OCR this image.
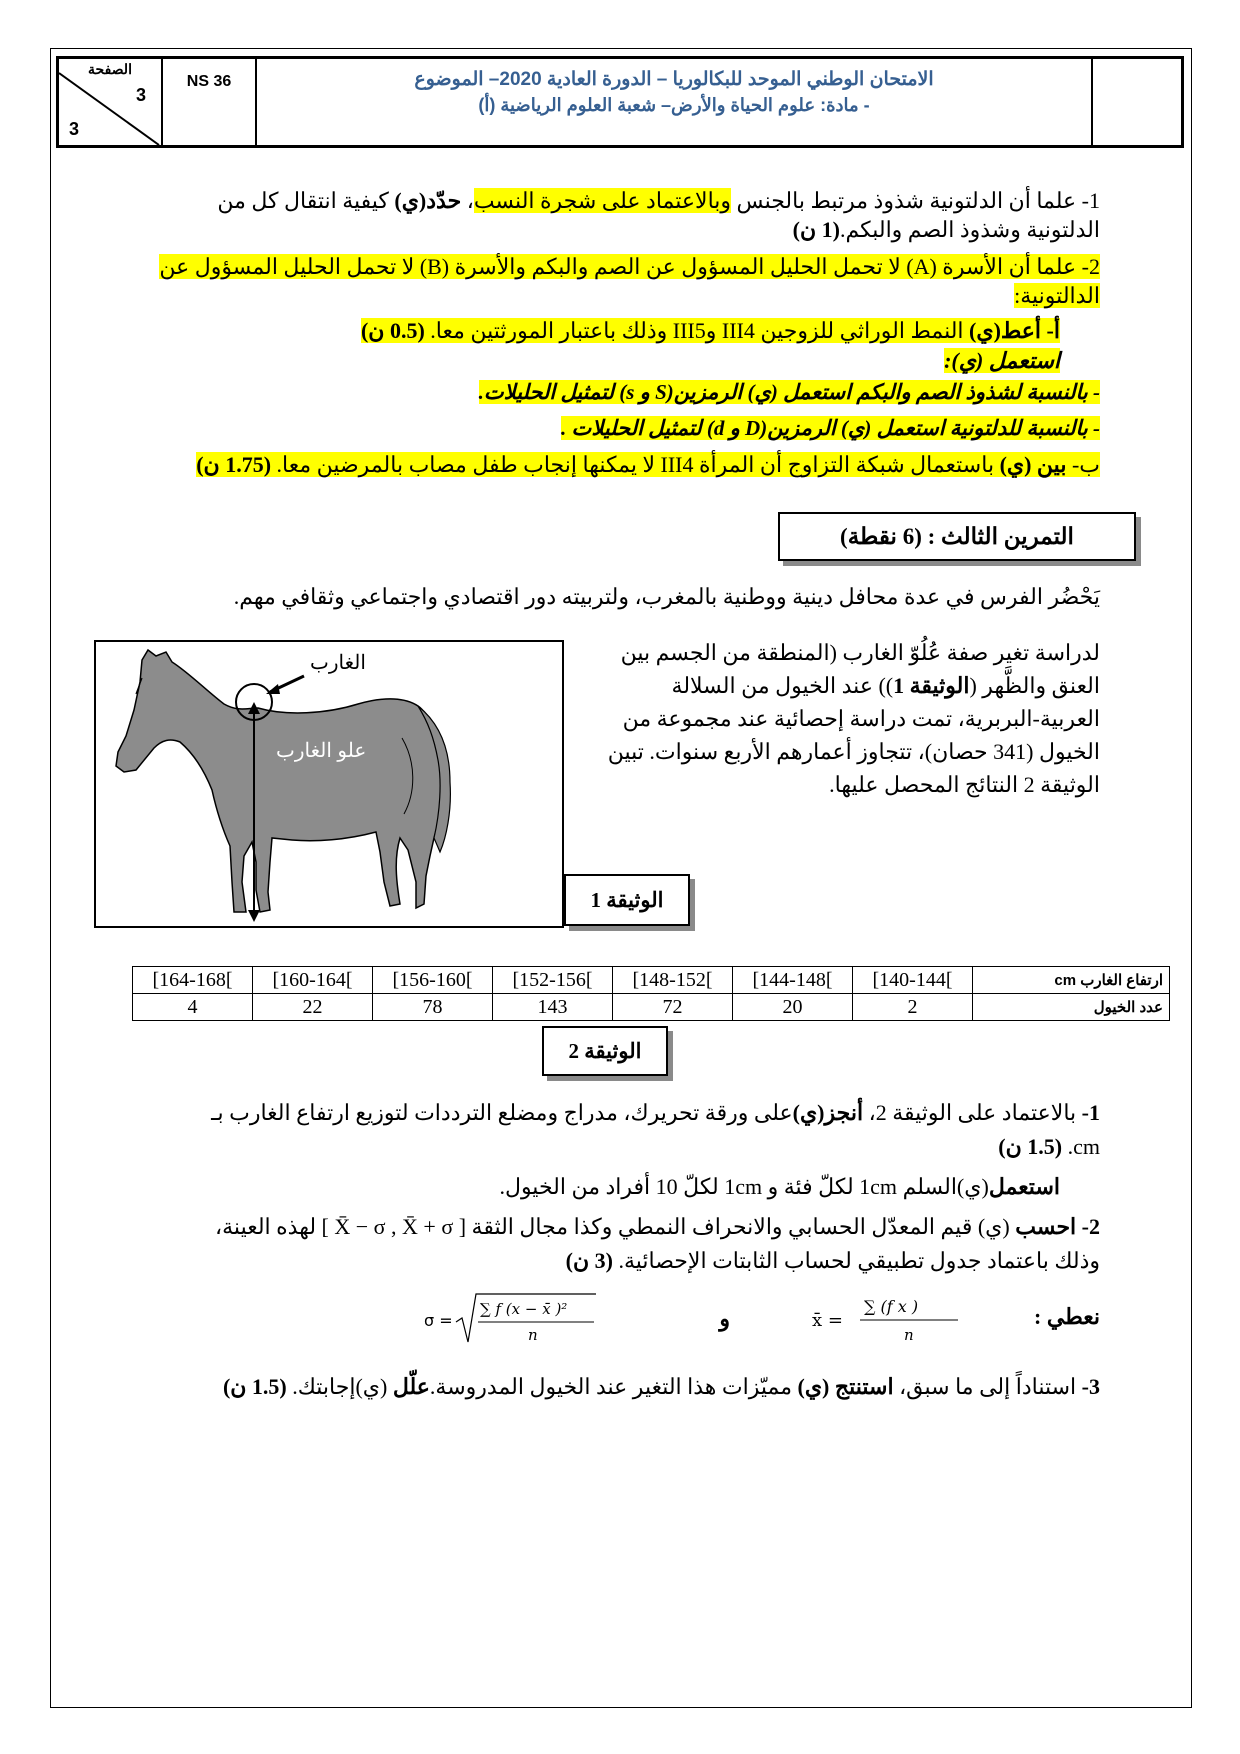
الصفحة
3
3
NS 36	الامتحان الوطني الموحد للبكالوريا – الدورة العادية 2020– الموضوع
- مادة: علوم الحياة والأرض– شعبة العلوم الرياضية (أ)
1- علما أن الدلتونية شذوذ مرتبط بالجنس وبالاعتماد على شجرة النسب، حدّد(ي) كيفية انتقال كل من الدلتونية وشذوذ الصم والبكم.(1 ن)
2- علما أن الأسرة (A) لا تحمل الحليل المسؤول عن الصم والبكم والأسرة (B) لا تحمل الحليل المسؤول عن الدالتونية:
أ- أعط(ي) النمط الوراثي للزوجين III4 وIII5 وذلك باعتبار المورثتين معا. (0.5 ن)
استعمل (ي):
- بالنسبة لشذوذ الصم والبكم استعمل (ي) الرمزين(S و s) لتمثيل الحليلات.
- بالنسبة للدلتونية استعمل (ي) الرمزين(D و d) لتمثيل الحليلات .
ب- بين (ي) باستعمال شبكة التزاوج أن المرأة III4 لا يمكنها إنجاب طفل مصاب بالمرضين معا. (1.75 ن)
التمرين الثالث : (6 نقطة)
يَحْضُر الفرس في عدة محافل دينية ووطنية بالمغرب، ولتربيته دور اقتصادي واجتماعي وثقافي مهم.
لدراسة تغير صفة عُلُوّ الغارب (المنطقة من الجسم بين العنق والظَّهر (الوثيقة 1)) عند الخيول من السلالة العربية-البربرية، تمت دراسة إحصائية عند مجموعة من الخيول (341 حصان)، تتجاوز أعمارهم الأربع سنوات. تبين الوثيقة 2 النتائج المحصل عليها.
الغارب
علو الغارب
الوثيقة 1
[164-168[	[160-164[	[156-160[	[152-156[	[148-152[	[144-148[	[140-144[	ارتفاع الغارب cm
4	22	78	143	72	20	2	عدد الخيول
الوثيقة 2
1- بالاعتماد على الوثيقة 2، أنجز(ي)على ورقة تحريرك، مدراج ومضلع الترددات لتوزيع ارتفاع الغارب بـ cm. (1.5 ن)
استعمل(ي)السلم 1cm لكلّ فئة و 1cm لكلّ 10 أفراد من الخيول.
2- احسب (ي) قيم المعدّل الحسابي والانحراف النمطي وكذا مجال الثقة [ X̄ − σ , X̄ + σ ] لهذه العينة،
وذلك باعتماد جدول تطبيقي لحساب الثابتات الإحصائية. (3 ن)
نعطي :
و
σ =
∑ f (x − x̄ )²
n
x̄ =
∑ (f x )
n
3- استناداً إلى ما سبق، استنتج (ي) مميّزات هذا التغير عند الخيول المدروسة.علّل (ي)إجابتك. (1.5 ن)
